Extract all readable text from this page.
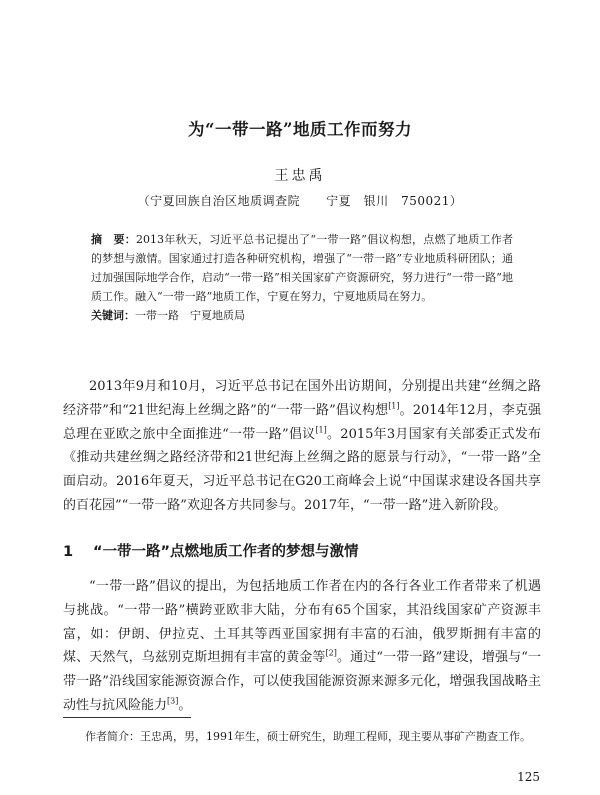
为“一带一路”地质工作而努力
王忠禹
（宁夏回族自治区地质调查院 宁夏　银川　750021）

摘　要：2013年秋天，习近平总书记提出了“一带一路”倡议构想，点燃了地质工作者的梦想与激情。国家通过打造各种研究机构，增强了“一带一路”专业地质科研团队；通过加强国际地学合作，启动“一带一路”相关国家矿产资源研究，努力进行“一带一路”地质工作。融入“一带一路”地质工作，宁夏在努力，宁夏地质局在努力。

关键词：一带一路　宁夏地质局

2013年9月和10月，习近平总书记在国外出访期间，分别提出共建“丝绸之路经济带”和“21世纪海上丝绸之路”的“一带一路”倡议构想[1]。2014年12月，李克强总理在亚欧之旅中全面推进“一带一路”倡议[1]。2015年3月国家有关部委正式发布《推动共建丝绸之路经济带和21世纪海上丝绸之路的愿景与行动》，“一带一路”全面启动。2016年夏天，习近平总书记在G20工商峰会上说“中国谋求建设各国共享的百花园”“一带一路”欢迎各方共同参与。2017年，“一带一路”进入新阶段。

1 “一带一路”点燃地质工作者的梦想与激情

“一带一路”倡议的提出，为包括地质工作者在内的各行各业工作者带来了机遇与挑战。“一带一路”横跨亚欧非大陆，分布有65个国家，其沿线国家矿产资源丰富，如：伊朗、伊拉克、土耳其等西亚国家拥有丰富的石油，俄罗斯拥有丰富的煤、天然气，乌兹别克斯坦拥有丰富的黄金等[2]。通过“一带一路”建设，增强与“一带一路”沿线国家能源资源合作，可以使我国能源资源来源多元化，增强我国战略主动性与抗风险能力[3]。

作者简介：王忠禹，男，1991年生，硕士研究生，助理工程师，现主要从事矿产勘查工作。
125
